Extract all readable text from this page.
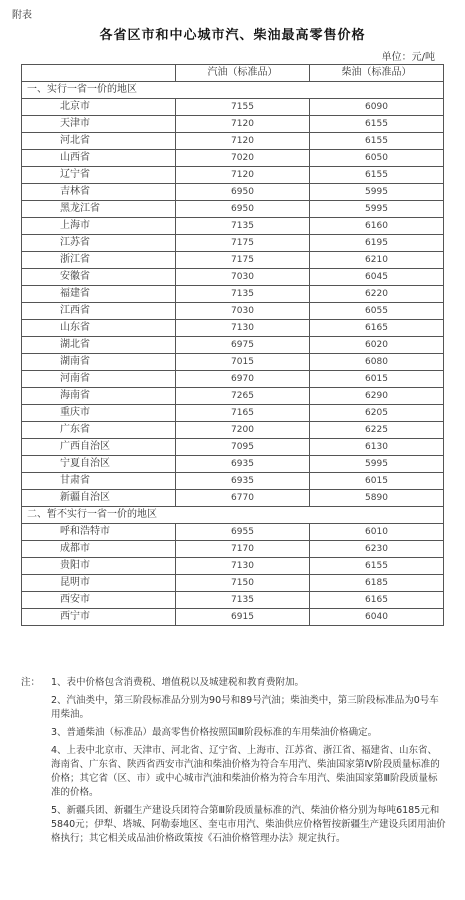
附表
各省区市和中心城市汽、柴油最高零售价格
单位：元/吨
	汽油（标准品）	柴油（标准品）
一、实行一省一价的地区		
北京市	7155	6090
天津市	7120	6155
河北省	7120	6155
山西省	7020	6050
辽宁省	7120	6155
吉林省	6950	5995
黑龙江省	6950	5995
上海市	7135	6160
江苏省	7175	6195
浙江省	7175	6210
安徽省	7030	6045
福建省	7135	6220
江西省	7030	6055
山东省	7130	6165
湖北省	6975	6020
湖南省	7015	6080
河南省	6970	6015
海南省	7265	6290
重庆市	7165	6205
广东省	7200	6225
广西自治区	7095	6130
宁夏自治区	6935	5995
甘肃省	6935	6015
新疆自治区	6770	5890
二、暂不实行一省一价的地区		
呼和浩特市	6955	6010
成都市	7170	6230
贵阳市	7130	6155
昆明市	7150	6185
西安市	7135	6165
西宁市	6915	6040
注：	1、表中价格包含消费税、增值税以及城建税和教育费附加。
2、汽油类中，第三阶段标准品分别为90号和89号汽油；柴油类中，第三阶段标准品为0号车用柴油。
3、普通柴油（标准品）最高零售价格按照国Ⅲ阶段标准的车用柴油价格确定。
4、上表中北京市、天津市、河北省、辽宁省、上海市、江苏省、浙江省、福建省、山东省、海南省、广东省、陕西省西安市汽油和柴油价格为符合车用汽、柴油国家第Ⅳ阶段质量标准的价格；其它省（区、市）或中心城市汽油和柴油价格为符合车用汽、柴油国家第Ⅲ阶段质量标准的价格。
5、新疆兵团、新疆生产建设兵团符合第Ⅲ阶段质量标准的汽、柴油价格分别为每吨6185元和5840元；伊犁、塔城、阿勒泰地区、奎屯市用汽、柴油供应价格暂按新疆生产建设兵团用油价格执行；其它相关成品油价格政策按《石油价格管理办法》规定执行。
